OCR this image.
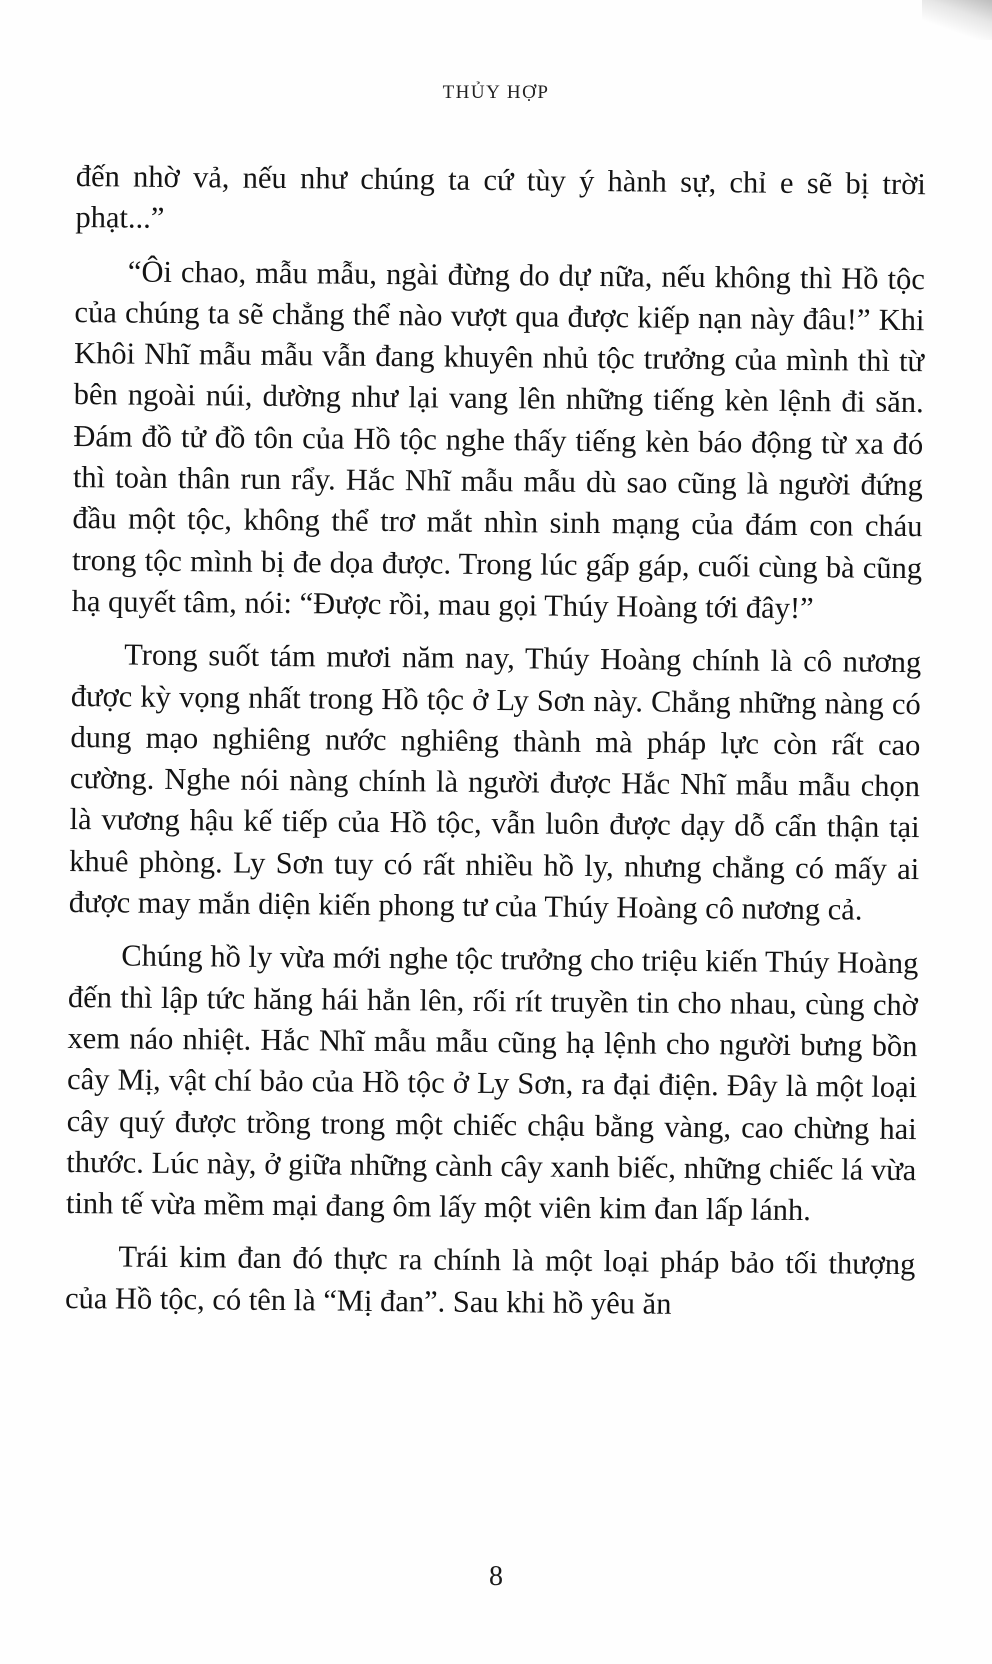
THỦY HỢP

đến nhờ vả, nếu như chúng ta cứ tùy ý hành sự, chỉ e sẽ bị trời phạt...”

“Ôi chao, mẫu mẫu, ngài đừng do dự nữa, nếu không thì Hồ tộc của chúng ta sẽ chẳng thể nào vượt qua được kiếp nạn này đâu!” Khi Khôi Nhĩ mẫu mẫu vẫn đang khuyên nhủ tộc trưởng của mình thì từ bên ngoài núi, dường như lại vang lên những tiếng kèn lệnh đi săn. Đám đồ tử đồ tôn của Hồ tộc nghe thấy tiếng kèn báo động từ xa đó thì toàn thân run rẩy. Hắc Nhĩ mẫu mẫu dù sao cũng là người đứng đầu một tộc, không thể trơ mắt nhìn sinh mạng của đám con cháu trong tộc mình bị đe dọa được. Trong lúc gấp gáp, cuối cùng bà cũng hạ quyết tâm, nói: “Được rồi, mau gọi Thúy Hoàng tới đây!”

Trong suốt tám mươi năm nay, Thúy Hoàng chính là cô nương được kỳ vọng nhất trong Hồ tộc ở Ly Sơn này. Chẳng những nàng có dung mạo nghiêng nước nghiêng thành mà pháp lực còn rất cao cường. Nghe nói nàng chính là người được Hắc Nhĩ mẫu mẫu chọn là vương hậu kế tiếp của Hồ tộc, vẫn luôn được dạy dỗ cẩn thận tại khuê phòng. Ly Sơn tuy có rất nhiều hồ ly, nhưng chẳng có mấy ai được may mắn diện kiến phong tư của Thúy Hoàng cô nương cả.

Chúng hồ ly vừa mới nghe tộc trưởng cho triệu kiến Thúy Hoàng đến thì lập tức hăng hái hẳn lên, rối rít truyền tin cho nhau, cùng chờ xem náo nhiệt. Hắc Nhĩ mẫu mẫu cũng hạ lệnh cho người bưng bồn cây Mị, vật chí bảo của Hồ tộc ở Ly Sơn, ra đại điện. Đây là một loại cây quý được trồng trong một chiếc chậu bằng vàng, cao chừng hai thước. Lúc này, ở giữa những cành cây xanh biếc, những chiếc lá vừa tinh tế vừa mềm mại đang ôm lấy một viên kim đan lấp lánh.

Trái kim đan đó thực ra chính là một loại pháp bảo tối thượng của Hồ tộc, có tên là “Mị đan”. Sau khi hồ yêu ăn

8
